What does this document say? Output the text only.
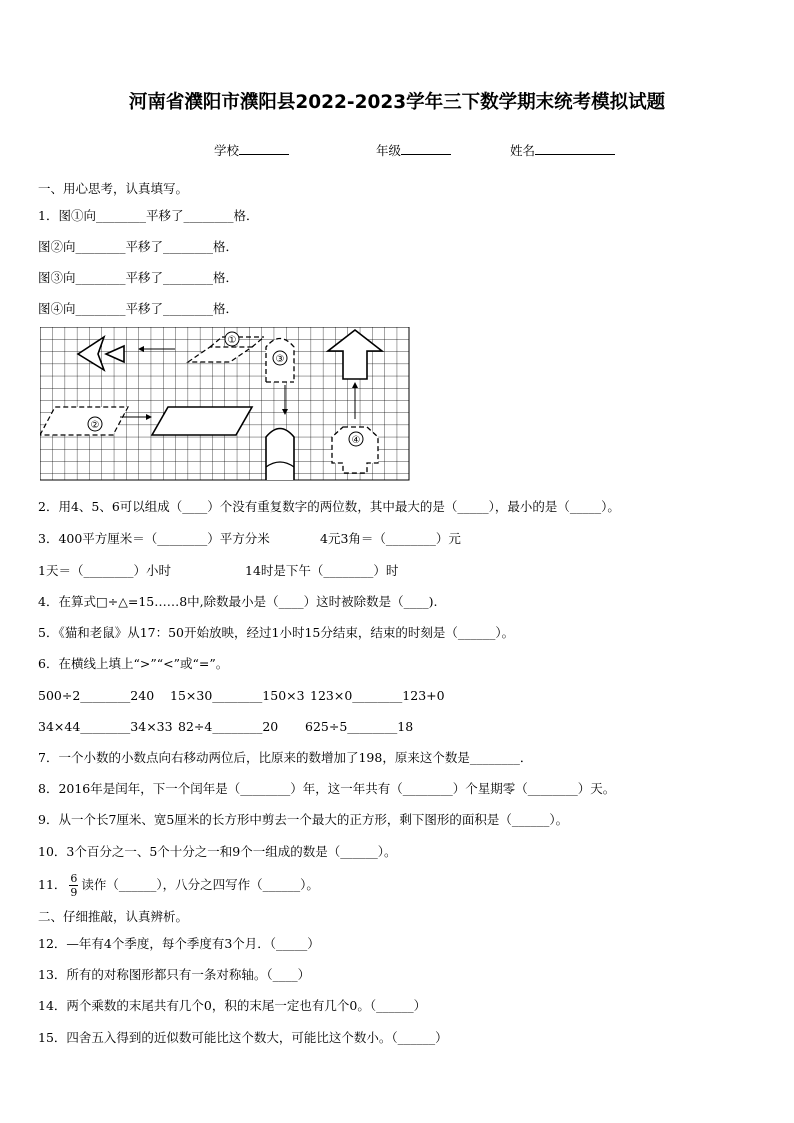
河南省濮阳市濮阳县2022-2023学年三下数学期末统考模拟试题
学校	年级	姓名
一、用心思考，认真填写。
1．图①向________平移了________格．
图②向________平移了________格．
图③向________平移了________格．
图④向________平移了________格．
①
③
④
②
2．用4、5、6可以组成（____）个没有重复数字的两位数，其中最大的是（_____），最小的是（_____）。
3．400平方厘米＝（________）平方分米	4元3角＝（________）元
1天＝（________）小时	14时是下午（________）时
4．在算式□÷△=15……8中,除数最小是（____）这时被除数是（____).
5．《猫和老鼠》从17：50开始放映，经过1小时15分结束，结束的时刻是（______）。
6．在横线上填上“>”“<”或“=”。
500÷2________240 15×30________150×3 123×0________123+0
34×44________34×33 82÷4________20 625÷5________18
7．一个小数的小数点向右移动两位后，比原来的数增加了198，原来这个数是________．
8．2016年是闰年，下一个闰年是（________）年，这一年共有（________）个星期零（________）天。
9．从一个长7厘米、宽5厘米的长方形中剪去一个最大的正方形，剩下图形的面积是（______）。
10．3个百分之一、5个十分之一和9个一组成的数是（______）。
11． $\frac{6}{9}$ 读作（______），八分之四写作（______）。
二、仔细推敲，认真辨析。
12．—年有4个季度，每个季度有3个月．（_____）
13．所有的对称图形都只有一条对称轴。（____）
14．两个乘数的末尾共有几个0，积的末尾一定也有几个0。（______）
15．四舍五入得到的近似数可能比这个数大，可能比这个数小。（______）
